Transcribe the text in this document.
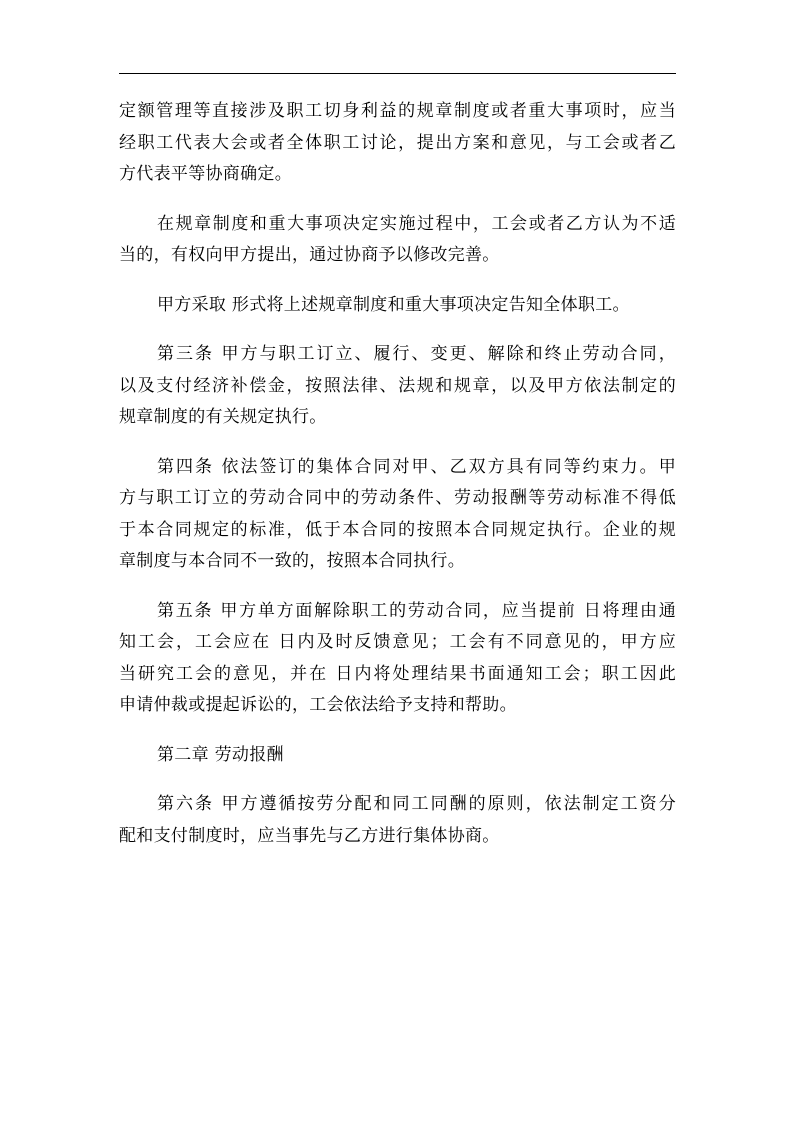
定额管理等直接涉及职工切身利益的规章制度或者重大事项时，应当
经职工代表大会或者全体职工讨论，提出方案和意见，与工会或者乙
方代表平等协商确定。

在规章制度和重大事项决定实施过程中，工会或者乙方认为不适
当的，有权向甲方提出，通过协商予以修改完善。

甲方采取 形式将上述规章制度和重大事项决定告知全体职工。

第三条 甲方与职工订立、履行、变更、解除和终止劳动合同，
以及支付经济补偿金，按照法律、法规和规章，以及甲方依法制定的
规章制度的有关规定执行。

第四条 依法签订的集体合同对甲、乙双方具有同等约束力。甲
方与职工订立的劳动合同中的劳动条件、劳动报酬等劳动标准不得低
于本合同规定的标准，低于本合同的按照本合同规定执行。企业的规
章制度与本合同不一致的，按照本合同执行。

第五条 甲方单方面解除职工的劳动合同，应当提前 日将理由通
知工会，工会应在 日内及时反馈意见；工会有不同意见的，甲方应
当研究工会的意见，并在 日内将处理结果书面通知工会；职工因此
申请仲裁或提起诉讼的，工会依法给予支持和帮助。

第二章 劳动报酬

第六条 甲方遵循按劳分配和同工同酬的原则，依法制定工资分
配和支付制度时，应当事先与乙方进行集体协商。
